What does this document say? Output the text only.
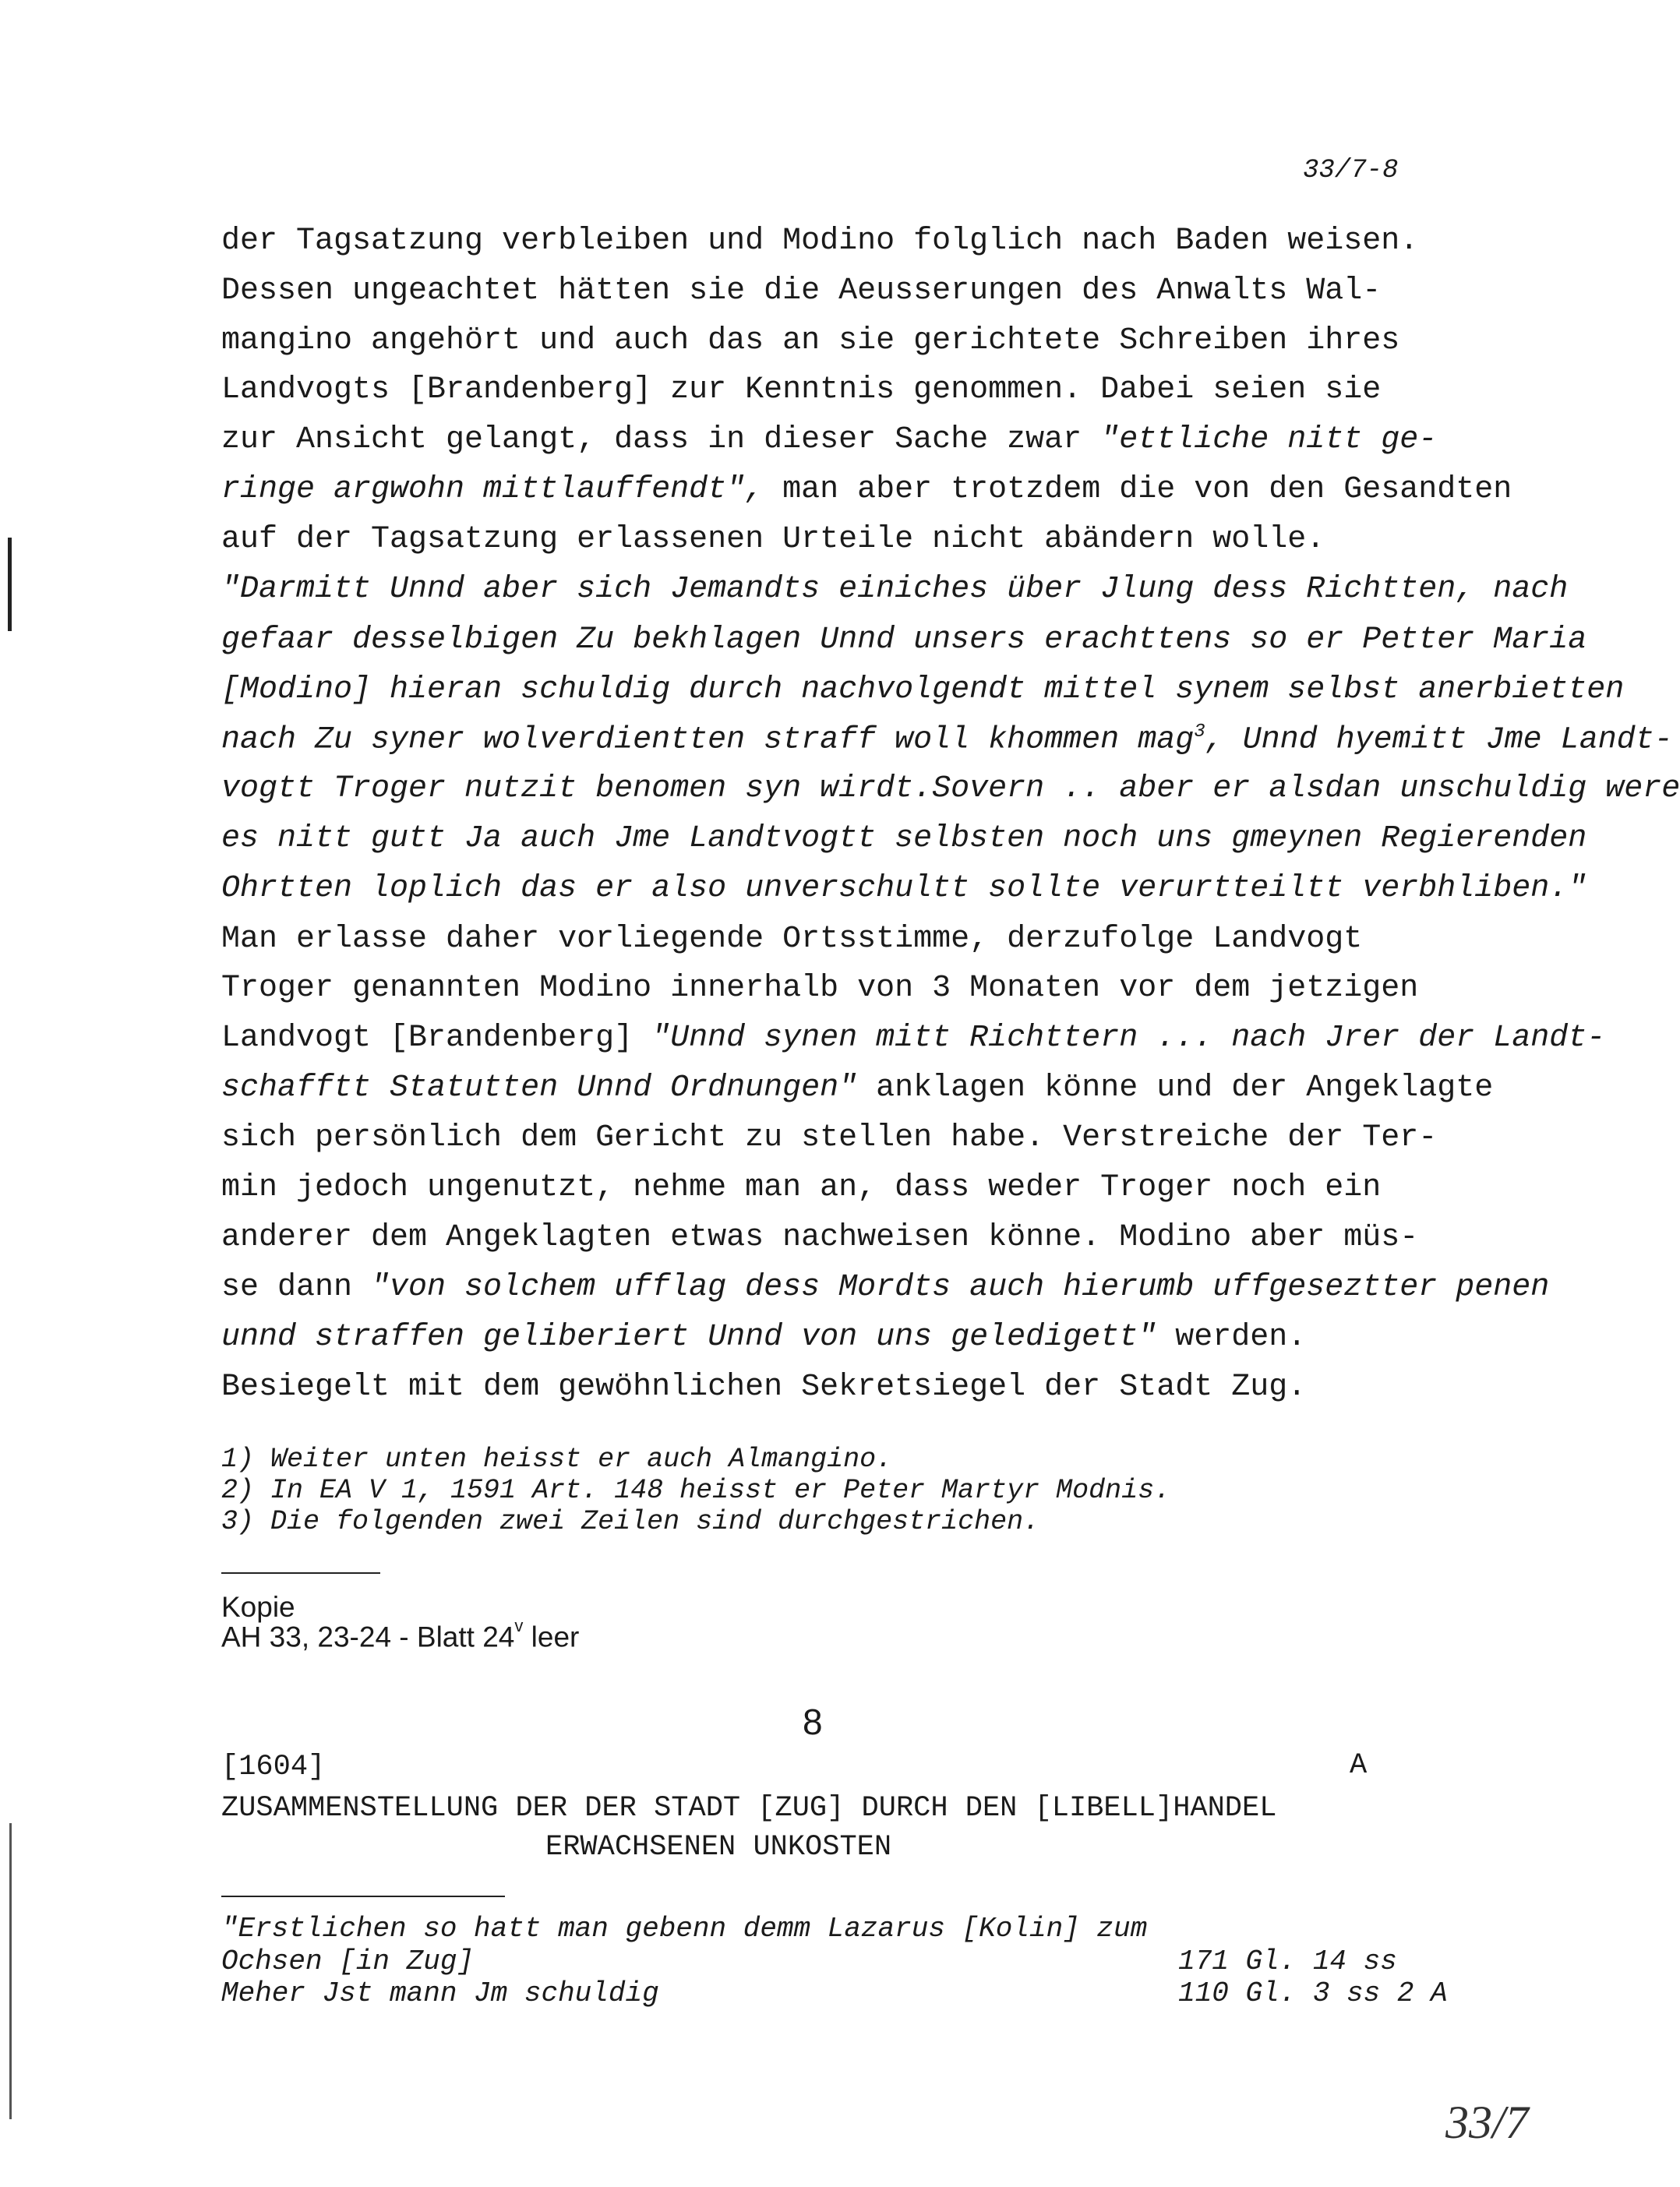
33/7-8
der Tagsatzung verbleiben und Modino folglich nach Baden weisen.
Dessen ungeachtet hätten sie die Aeusserungen des Anwalts Wal-
mangino angehört und auch das an sie gerichtete Schreiben ihres
Landvogts [Brandenberg] zur Kenntnis genommen. Dabei seien sie
zur Ansicht gelangt, dass in dieser Sache zwar "ettliche nitt ge-
ringe argwohn mittlauffendt", man aber trotzdem die von den Gesandten
auf der Tagsatzung erlassenen Urteile nicht abändern wolle.
"Darmitt Unnd aber sich Jemandts einiches über Jlung dess Richtten, nach
gefaar desselbigen Zu bekhlagen Unnd unsers erachttens so er Petter Maria
[Modino] hieran schuldig durch nachvolgendt mittel synem selbst anerbietten
nach Zu syner wolverdientten straff woll khommen mag$^3$, Unnd hyemitt Jme Landt-
vogtt Troger nutzit benomen syn wirdt.Sovern .. aber er alsdan unschuldig were
es nitt gutt Ja auch Jme Landtvogtt selbsten noch uns gmeynen Regierenden
Ohrtten loplich das er also unverschultt sollte verurtteiltt verbhliben."
Man erlasse daher vorliegende Ortsstimme, derzufolge Landvogt
Troger genannten Modino innerhalb von 3 Monaten vor dem jetzigen
Landvogt [Brandenberg] "Unnd synen mitt Richttern ... nach Jrer der Landt-
schafftt Statutten Unnd Ordnungen" anklagen könne und der Angeklagte
sich persönlich dem Gericht zu stellen habe. Verstreiche der Ter-
min jedoch ungenutzt, nehme man an, dass weder Troger noch ein
anderer dem Angeklagten etwas nachweisen könne. Modino aber müs-
se dann "von solchem ufflag dess Mordts auch hierumb uffgeseztter penen
unnd straffen geliberiert Unnd von uns geledigett" werden.
Besiegelt mit dem gewöhnlichen Sekretsiegel der Stadt Zug.
1) Weiter unten heisst er auch Almangino.
2) In EA V 1, 1591 Art. 148 heisst er Peter Martyr Modnis.
3) Die folgenden zwei Zeilen sind durchgestrichen.
Kopie
AH 33, 23-24 - Blatt 24$^v$ leer
8
[1604]	A
ZUSAMMENSTELLUNG DER DER STADT [ZUG] DURCH DEN [LIBELL]HANDEL
ERWACHSENEN UNKOSTEN
"Erstlichen so hatt man gebenn demm Lazarus [Kolin] zum
Ochsen [in Zug]	171 Gl. 14 ss
Meher Jst mann Jm schuldig	110 Gl. 3 ss 2 A
33/7
